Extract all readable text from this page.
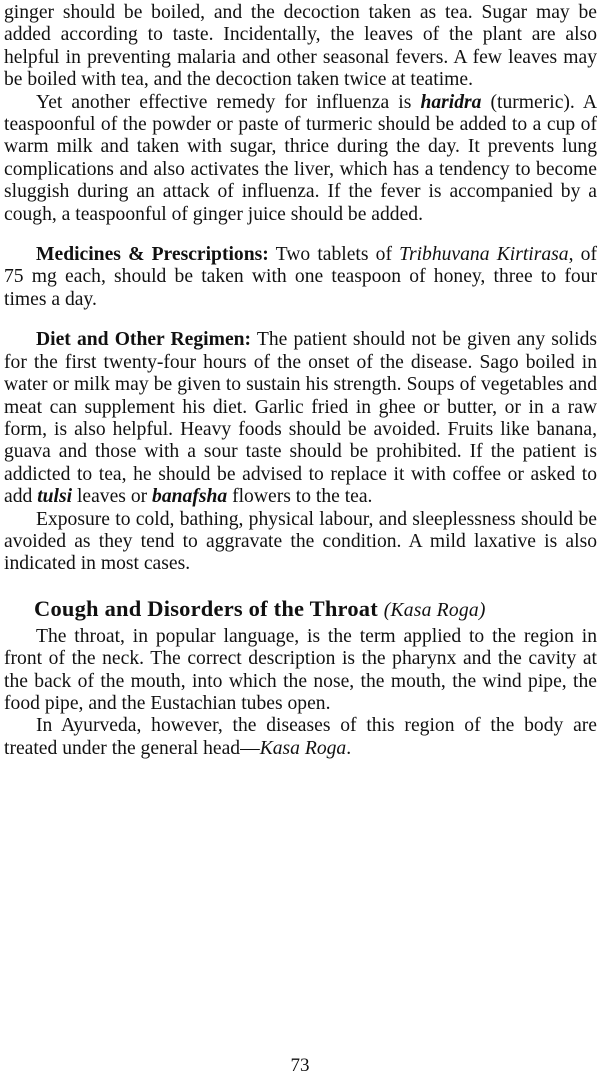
ginger should be boiled, and the decoction taken as tea. Sugar may be added according to taste. Incidentally, the leaves of the plant are also helpful in preventing malaria and other seasonal fevers. A few leaves may be boiled with tea, and the decoction taken twice at teatime.

Yet another effective remedy for influenza is haridra (turmeric). A teaspoonful of the powder or paste of turmeric should be added to a cup of warm milk and taken with sugar, thrice during the day. It prevents lung complications and also activates the liver, which has a tendency to become sluggish during an attack of influenza. If the fever is accompanied by a cough, a teaspoonful of ginger juice should be added.

Medicines & Prescriptions: Two tablets of Tribhuvana Kirtirasa, of 75 mg each, should be taken with one teaspoon of honey, three to four times a day.

Diet and Other Regimen: The patient should not be given any solids for the first twenty-four hours of the onset of the disease. Sago boiled in water or milk may be given to sustain his strength. Soups of vegetables and meat can supplement his diet. Garlic fried in ghee or butter, or in a raw form, is also helpful. Heavy foods should be avoided. Fruits like banana, guava and those with a sour taste should be prohibited. If the patient is addicted to tea, he should be advised to replace it with coffee or asked to add tulsi leaves or banafsha flowers to the tea.

Exposure to cold, bathing, physical labour, and sleeplessness should be avoided as they tend to aggravate the condition. A mild laxative is also indicated in most cases.

Cough and Disorders of the Throat (Kasa Roga)

The throat, in popular language, is the term applied to the region in front of the neck. The correct description is the pharynx and the cavity at the back of the mouth, into which the nose, the mouth, the wind pipe, the food pipe, and the Eustachian tubes open.

In Ayurveda, however, the diseases of this region of the body are treated under the general head—Kasa Roga.

73
